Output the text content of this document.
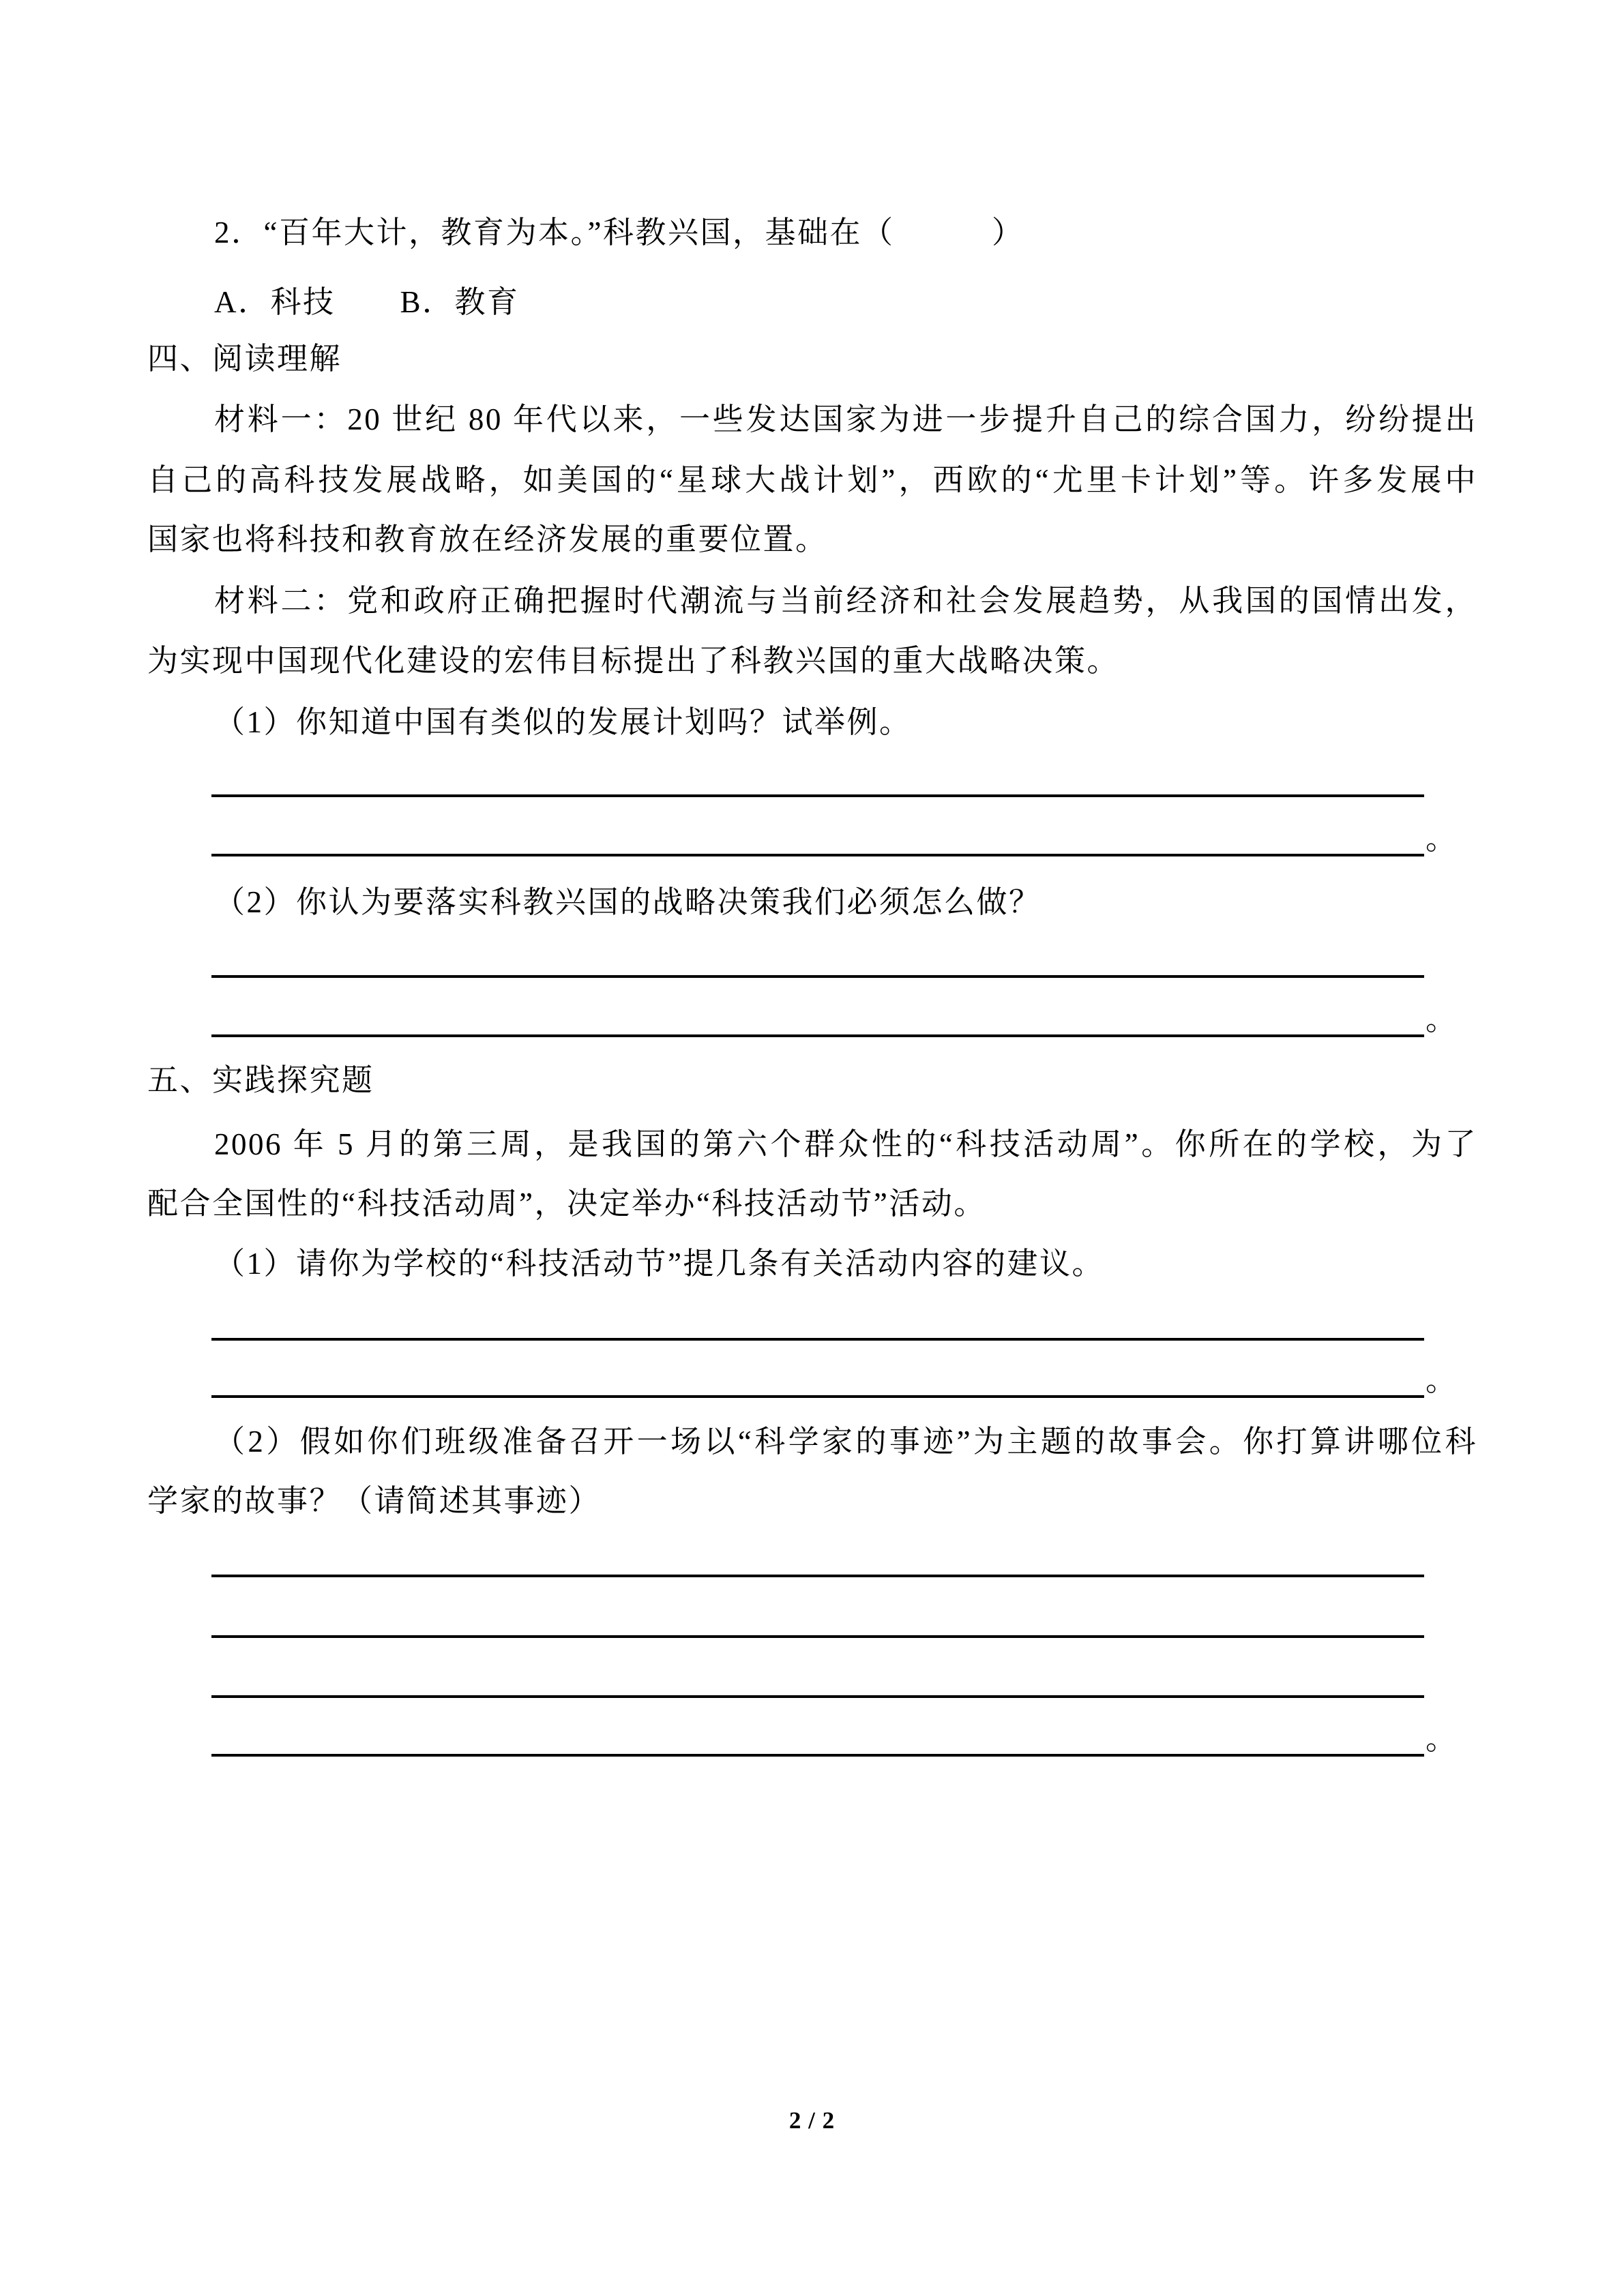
2．“百年大计，教育为本。”科教兴国，基础在（　　　）
A．科技　　B．教育
四、阅读理解
材料一：20 世纪 80 年代以来，一些发达国家为进一步提升自己的综合国力，纷纷提出
自己的高科技发展战略，如美国的“星球大战计划”，西欧的“尤里卡计划”等。许多发展中
国家也将科技和教育放在经济发展的重要位置。
材料二：党和政府正确把握时代潮流与当前经济和社会发展趋势，从我国的国情出发，
为实现中国现代化建设的宏伟目标提出了科教兴国的重大战略决策。
（1）你知道中国有类似的发展计划吗？试举例。
。
（2）你认为要落实科教兴国的战略决策我们必须怎么做？
。
五、实践探究题
2006 年 5 月的第三周，是我国的第六个群众性的“科技活动周”。你所在的学校，为了
配合全国性的“科技活动周”，决定举办“科技活动节”活动。
（1）请你为学校的“科技活动节”提几条有关活动内容的建议。
。
（2）假如你们班级准备召开一场以“科学家的事迹”为主题的故事会。你打算讲哪位科
学家的故事？（请简述其事迹）
。
2 / 2
